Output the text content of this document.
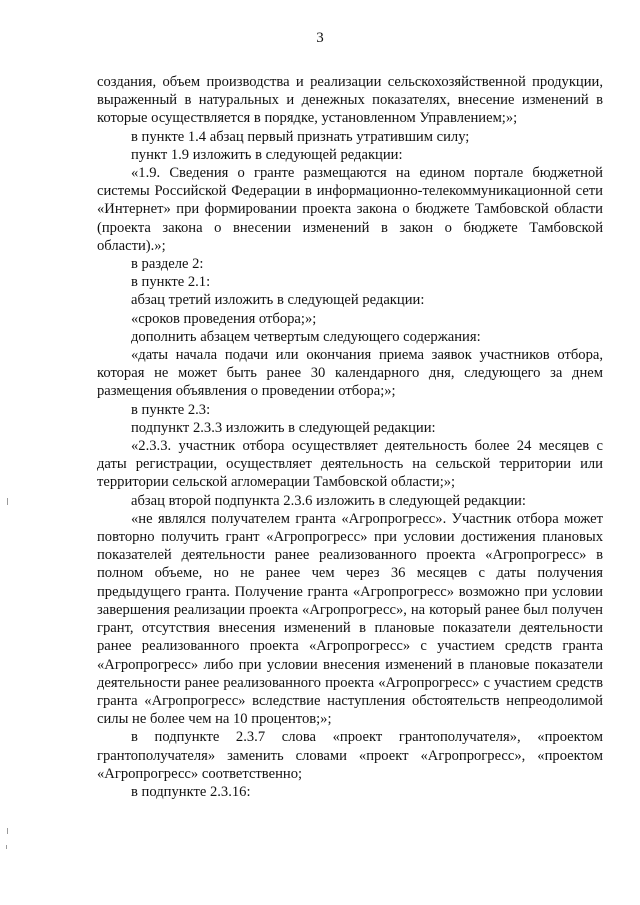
3

создания, объем производства и реализации сельскохозяйственной продукции, выраженный в натуральных и денежных показателях, внесение изменений в которые осуществляется в порядке, установленном Управлением;»;

в пункте 1.4 абзац первый признать утратившим силу;

пункт 1.9 изложить в следующей редакции:

«1.9. Сведения о гранте размещаются на едином портале бюджетной системы Российской Федерации в информационно-телекоммуникационной сети «Интернет» при формировании проекта закона о бюджете Тамбовской области (проекта закона о внесении изменений в закон о бюджете Тамбовской области).»;

в разделе 2:

в пункте 2.1:

абзац третий изложить в следующей редакции:

«сроков проведения отбора;»;

дополнить абзацем четвертым следующего содержания:

«даты начала подачи или окончания приема заявок участников отбора, которая не может быть ранее 30 календарного дня, следующего за днем размещения объявления о проведении отбора;»;

в пункте 2.3:

подпункт 2.3.3 изложить в следующей редакции:

«2.3.3. участник отбора осуществляет деятельность более 24 месяцев с даты регистрации, осуществляет деятельность на сельской территории или территории сельской агломерации Тамбовской области;»;

абзац второй подпункта 2.3.6 изложить в следующей редакции:

«не являлся получателем гранта «Агропрогресс». Участник отбора может повторно получить грант «Агропрогресс» при условии достижения плановых показателей деятельности ранее реализованного проекта «Агропрогресс» в полном объеме, но не ранее чем через 36 месяцев с даты получения предыдущего гранта. Получение гранта «Агропрогресс» возможно при условии завершения реализации проекта «Агропрогресс», на который ранее был получен грант, отсутствия внесения изменений в плановые показатели деятельности ранее реализованного проекта «Агропрогресс» с участием средств гранта «Агропрогресс» либо при условии внесения изменений в плановые показатели деятельности ранее реализованного проекта «Агропрогресс» с участием средств гранта «Агропрогресс» вследствие наступления обстоятельств непреодолимой силы не более чем на 10 процентов;»;

в подпункте 2.3.7 слова «проект грантополучателя», «проектом грантополучателя» заменить словами «проект «Агропрогресс», «проектом «Агропрогресс» соответственно;

в подпункте 2.3.16:
